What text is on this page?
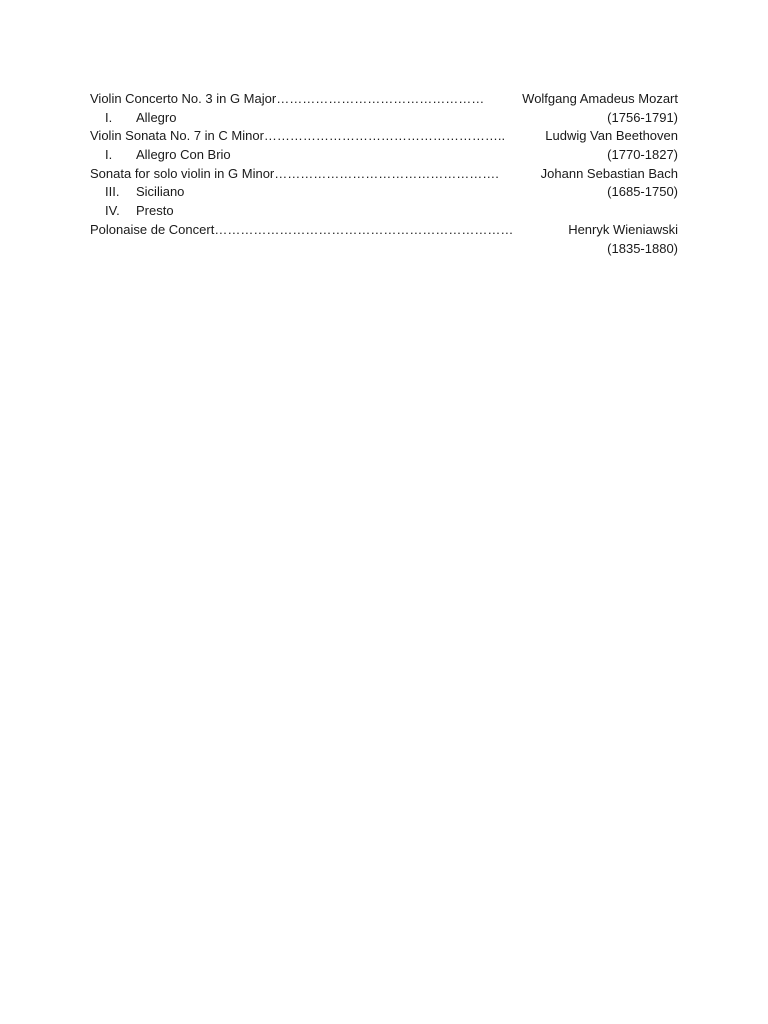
Violin Concerto No. 3 in G Major …………………………………………	Wolfgang Amadeus Mozart
I. Allegro	(1756-1791)
Violin Sonata No. 7 in C Minor ………………………………………………..	Ludwig Van Beethoven
I. Allegro Con Brio	(1770-1827)
Sonata for solo violin in G Minor …………………………………………….	Johann Sebastian Bach
III. Siciliano	(1685-1750)
IV. Presto
Polonaise de Concert ……………………………………………………………	Henryk Wieniawski
(1835-1880)
